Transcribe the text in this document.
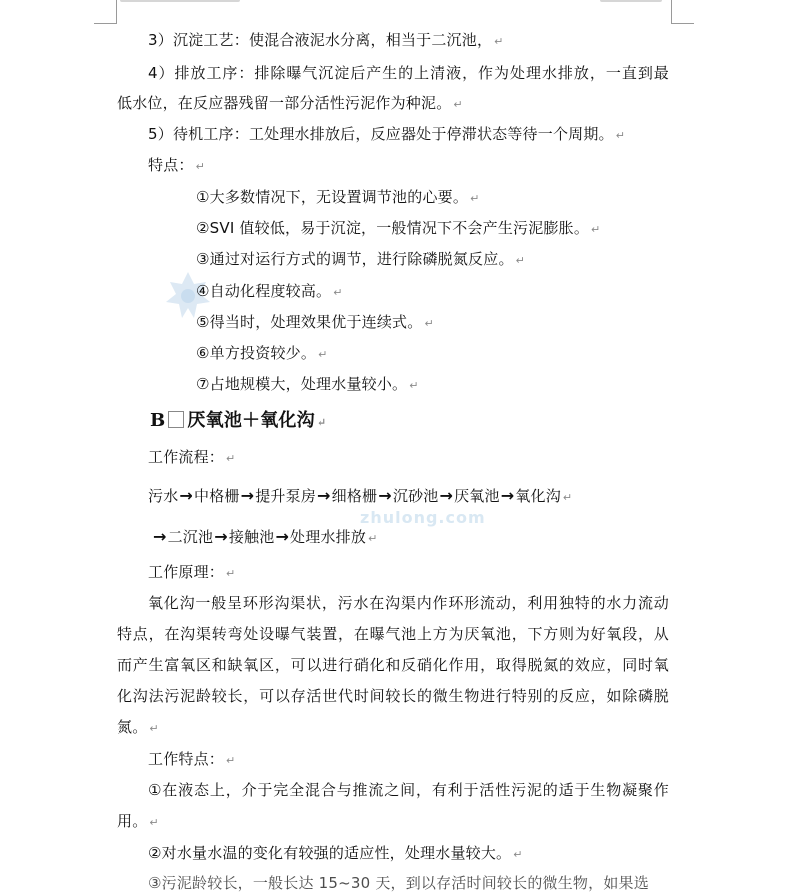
zhulong.com
3）沉淀工艺：使混合液泥水分离，相当于二沉池， ↵
4）排放工序：排除曝气沉淀后产生的上清液，作为处理水排放，一直到最
低水位，在反应器残留一部分活性污泥作为种泥。 ↵
5）待机工序：工处理水排放后，反应器处于停滞状态等待一个周期。 ↵
特点： ↵
①大多数情况下，无设置调节池的心要。 ↵
②SVI 值较低，易于沉淀，一般情况下不会产生污泥膨胀。 ↵
③通过对运行方式的调节，进行除磷脱氮反应。 ↵
④自动化程度较高。 ↵
⑤得当时，处理效果优于连续式。 ↵
⑥单方投资较少。 ↵
⑦占地规模大，处理水量较小。 ↵
B 厌氧池＋氧化沟 ↵
工作流程： ↵
污水→中格栅→提升泵房→细格栅→沉砂池→厌氧池→氧化沟 ↵
→二沉池→接触池→处理水排放 ↵
工作原理： ↵
氧化沟一般呈环形沟渠状，污水在沟渠内作环形流动，利用独特的水力流动
特点，在沟渠转弯处设曝气装置，在曝气池上方为厌氧池，下方则为好氧段，从
而产生富氧区和缺氧区，可以进行硝化和反硝化作用，取得脱氮的效应，同时氧
化沟法污泥龄较长，可以存活世代时间较长的微生物进行特别的反应，如除磷脱
氮。 ↵
工作特点： ↵
①在液态上，介于完全混合与推流之间，有利于活性污泥的适于生物凝聚作
用。 ↵
②对水量水温的变化有较强的适应性，处理水量较大。 ↵
③污泥龄较长，一般长达 15~30 天，到以存活时间较长的微生物，如果选
